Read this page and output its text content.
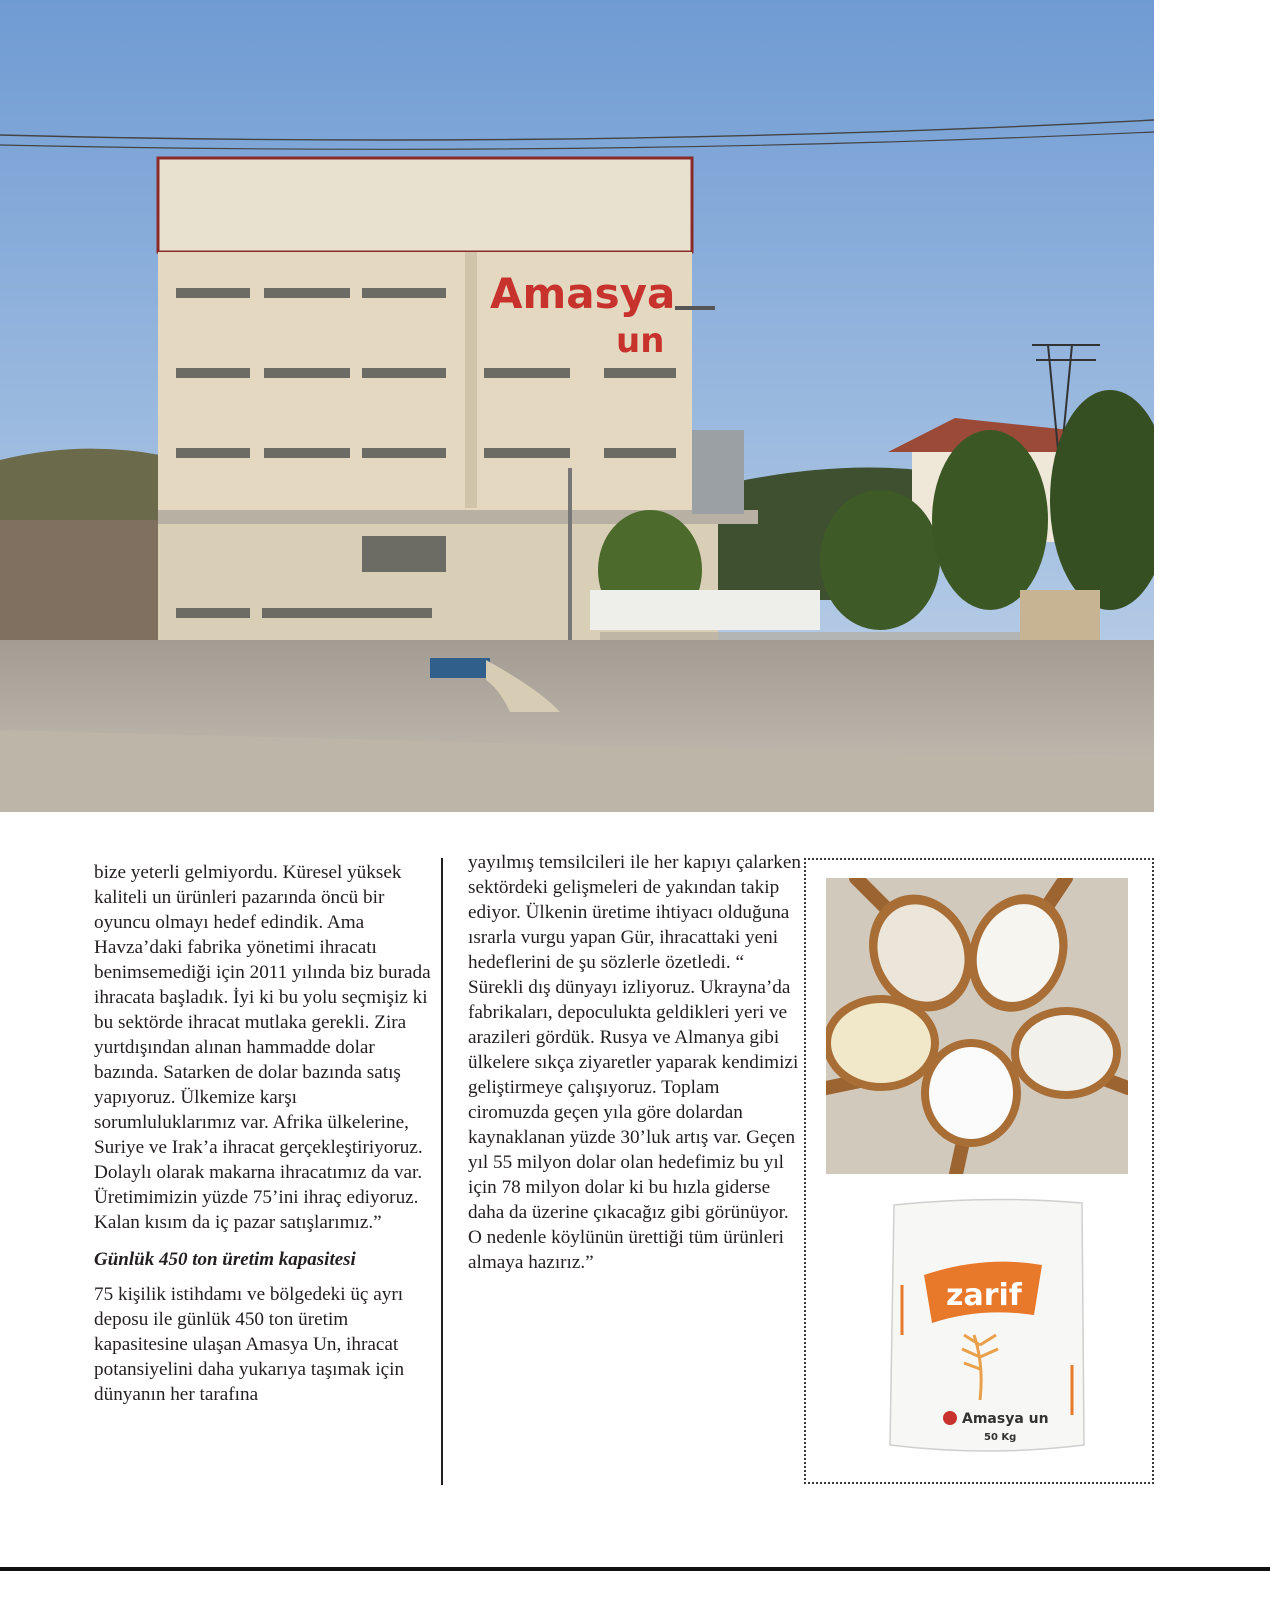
Amasya
un

bize yeterli gelmiyordu. Küresel yüksek kaliteli un ürünleri pazarında öncü bir oyuncu olmayı hedef edindik. Ama Havza’daki fabrika yönetimi ihracatı benimsemediği için 2011 yılında biz burada ihracata başladık. İyi ki bu yolu seçmişiz ki bu sektörde ihracat mutlaka gerekli. Zira yurtdışından alınan hammadde dolar bazında. Satarken de dolar bazında satış yapıyoruz. Ülkemize karşı sorumluluklarımız var. Afrika ülkelerine, Suriye ve Irak’a ihracat gerçekleştiriyoruz. Dolaylı olarak makarna ihracatımız da var. Üretimimizin yüzde 75’ini ihraç ediyoruz. Kalan kısım da iç pazar satışlarımız.”

Günlük 450 ton üretim kapasitesi

75 kişilik istihdamı ve bölgedeki üç ayrı deposu ile günlük 450 ton üretim kapasitesine ulaşan Amasya Un, ihracat potansiyelini daha yukarıya taşımak için dünyanın her tarafına

yayılmış temsilcileri ile her kapıyı çalarken sektördeki gelişmeleri de yakından takip ediyor. Ülkenin üretime ihtiyacı olduğuna ısrarla vurgu yapan Gür, ihracattaki yeni hedeflerini de şu sözlerle özetledi. “ Sürekli dış dünyayı izliyoruz. Ukrayna’da fabrikaları, depoculukta geldikleri yeri ve arazileri gördük. Rusya ve Almanya gibi ülkelere sıkça ziyaretler yaparak kendimizi geliştirmeye çalışıyoruz. Toplam ciromuzda geçen yıla göre dolardan kaynaklanan yüzde 30’luk artış var. Geçen yıl 55 milyon dolar olan hedefimiz bu yıl için 78 milyon dolar ki bu hızla giderse daha da üzerine çıkacağız gibi görünüyor. O nedenle köylünün ürettiği tüm ürünleri almaya hazırız.”

zarif
Amasya un
50 Kg
